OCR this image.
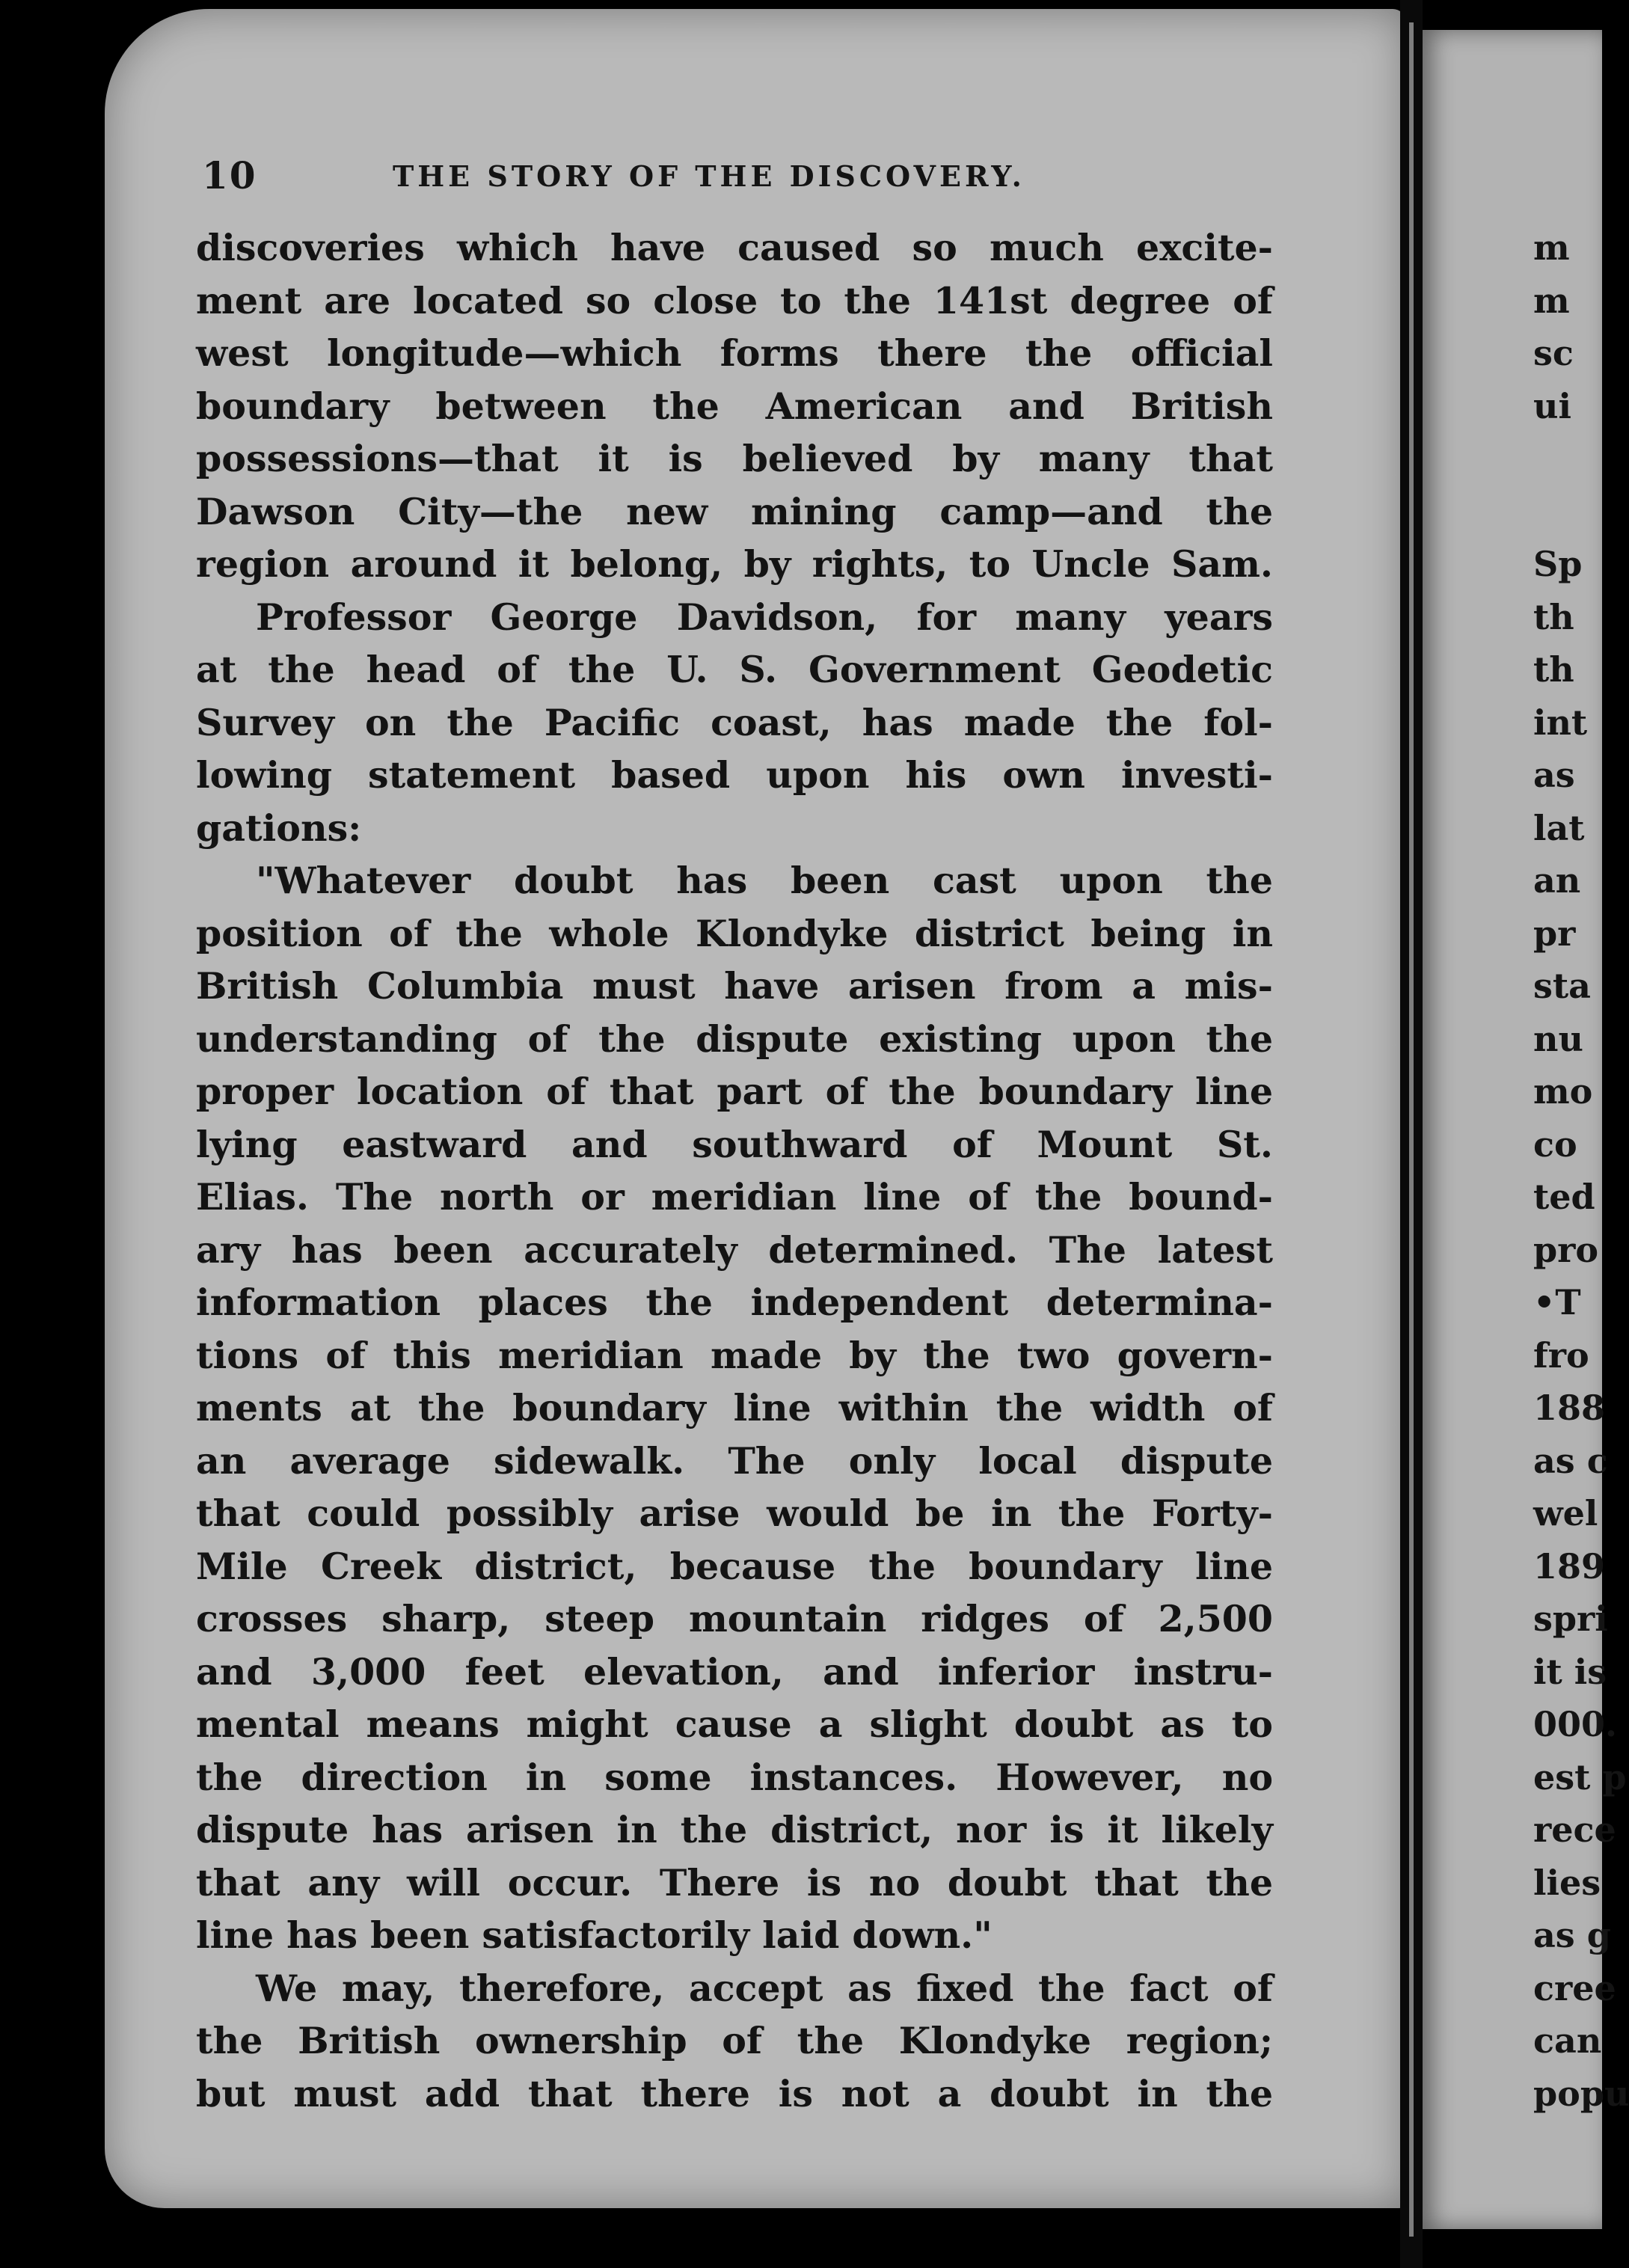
10	THE STORY OF THE DISCOVERY.
discoveries which have caused so much excite-
ment are located so close to the 141st degree of
west longitude—which forms there the official
boundary between the American and British
possessions—that it is believed by many that
Dawson City—the new mining camp—and the
region around it belong, by rights, to Uncle Sam.
Professor George Davidson, for many years
at the head of the U. S. Government Geodetic
Survey on the Pacific coast, has made the fol-
lowing statement based upon his own investi-
gations:
"Whatever doubt has been cast upon the
position of the whole Klondyke district being in
British Columbia must have arisen from a mis-
understanding of the dispute existing upon the
proper location of that part of the boundary line
lying eastward and southward of Mount St.
Elias. The north or meridian line of the bound-
ary has been accurately determined. The latest
information places the independent determina-
tions of this meridian made by the two govern-
ments at the boundary line within the width of
an average sidewalk. The only local dispute
that could possibly arise would be in the Forty-
Mile Creek district, because the boundary line
crosses sharp, steep mountain ridges of 2,500
and 3,000 feet elevation, and inferior instru-
mental means might cause a slight doubt as to
the direction in some instances. However, no
dispute has arisen in the district, nor is it likely
that any will occur. There is no doubt that the
line has been satisfactorily laid down."
We may, therefore, accept as fixed the fact of
the British ownership of the Klondyke region;
but must add that there is not a doubt in the
m
m
sc
ui
Sp
th
th
int
as
lat
an
pr
sta
nu
mo
co
ted
pro
•T
fro
188
as c
wel
189
spri
it is
000.
est p
rece
lies
as g
cree
can
popu
